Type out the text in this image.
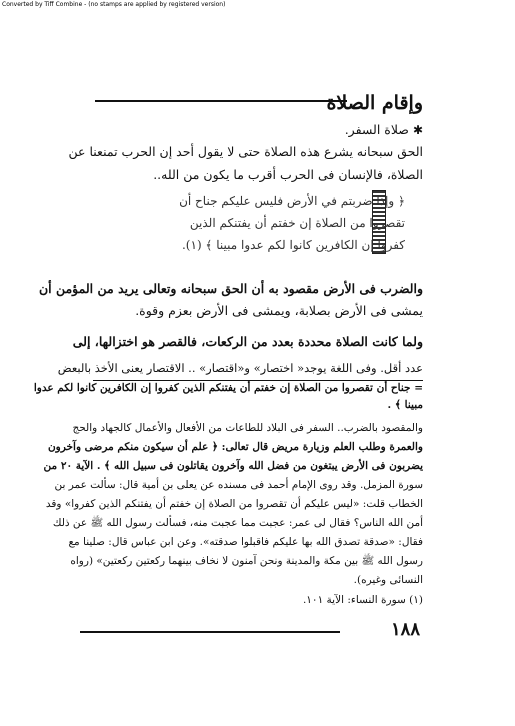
Converted by Tiff Combine - (no stamps are applied by registered version)
وإقام الصلاة
✱صلاة السفر.
الحق سبحانه يشرع هذه الصلاة حتى لا يقول أحد إن الحرب تمنعنا عن
الصلاة، فالإنسان فى الحرب أقرب ما يكون من الله..
﴿ وإذا ضربتم في الأرض فليس عليكم جناح أن
تقصروا من الصلاة إن خفتم أن يفتنكم الذين
كفروا إن الكافرين كانوا لكم عدوا مبينا ﴾ (١).
والضرب فى الأرض مقصود به أن الحق سبحانه وتعالى يريد من المؤمن أن
يمشى فى الأرض بصلابة، ويمشى فى الأرض بعزم وقوة.
ولما كانت الصلاة محددة بعدد من الركعات، فالقصر هو اختزالها، إلى
عدد أقل. وفى اللغة يوجد« اختصار» و«اقتصار» .. الاقتصار يعنى الأخذ بالبعض
= جناح أن تقصروا من الصلاة إن خفتم أن يفتنكم الذين كفروا إن الكافرين كانوا لكم عدوا
مبينا ﴾ .
والمقصود بالضرب.. السفر فى البلاد للطاعات من الأفعال والأعمال كالجهاد والحج
والعمرة وطلب العلم وزيارة مريض قال تعالى: ﴿ علم أن سيكون منكم مرضى وآخرون
يضربون فى الأرض يبتغون من فضل الله وآخرون يقاتلون فى سبيل الله ﴾ . الآية ٢٠ من
سورة المزمل. وقد روى الإمام أحمد فى مسنده عن يعلى بن أمية قال: سألت عمر بن
الخطاب قلت: «ليس عليكم أن تقصروا من الصلاة إن خفتم أن يفتنكم الذين كفروا» وقد
أمن الله الناس؟ فقال لى عمر: عجبت مما عجبت منه، فسألت رسول الله ﷺ عن ذلك
فقال: «صدقة تصدق الله بها عليكم فاقبلوا صدقته». وعن ابن عباس قال: صلينا مع
رسول الله ﷺ بين مكة والمدينة ونحن آمنون لا نخاف بينهما ركعتين ركعتين» (رواه
النسائى وغيره).
(١) سورة النساء: الآية ١٠١.
١٨٨
